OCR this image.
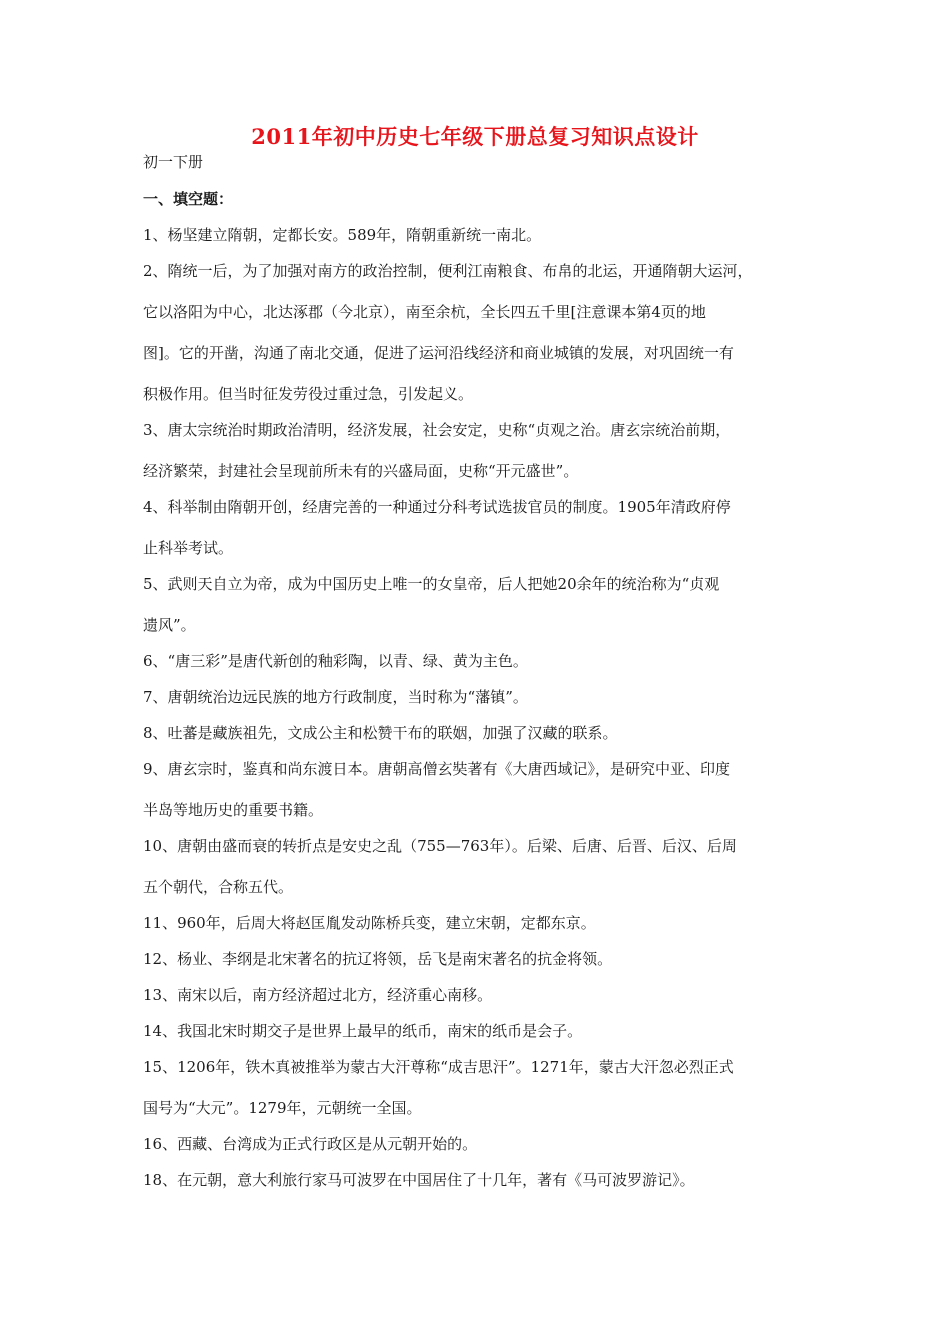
2011年初中历史七年级下册总复习知识点设计
初一下册
一、填空题：
1、杨坚建立隋朝，定都长安。589年，隋朝重新统一南北。
2、隋统一后，为了加强对南方的政治控制，便利江南粮食、布帛的北运，开通隋朝大运河，
它以洛阳为中心，北达涿郡（今北京），南至余杭，全长四五千里[注意课本第4页的地
图]。它的开凿，沟通了南北交通，促进了运河沿线经济和商业城镇的发展，对巩固统一有
积极作用。但当时征发劳役过重过急，引发起义。
3、唐太宗统治时期政治清明，经济发展，社会安定，史称“贞观之治。唐玄宗统治前期，
经济繁荣，封建社会呈现前所未有的兴盛局面，史称“开元盛世”。
4、科举制由隋朝开创，经唐完善的一种通过分科考试选拔官员的制度。1905年清政府停
止科举考试。
5、武则天自立为帝，成为中国历史上唯一的女皇帝，后人把她20余年的统治称为“贞观
遗风”。
6、“唐三彩”是唐代新创的釉彩陶，以青、绿、黄为主色。
7、唐朝统治边远民族的地方行政制度，当时称为“藩镇”。
8、吐蕃是藏族祖先，文成公主和松赞干布的联姻，加强了汉藏的联系。
9、唐玄宗时，鉴真和尚东渡日本。唐朝高僧玄奘著有《大唐西域记》，是研究中亚、印度
半岛等地历史的重要书籍。
10、唐朝由盛而衰的转折点是安史之乱（755—763年）。后梁、后唐、后晋、后汉、后周
五个朝代，合称五代。
11、960年，后周大将赵匡胤发动陈桥兵变，建立宋朝，定都东京。
12、杨业、李纲是北宋著名的抗辽将领，岳飞是南宋著名的抗金将领。
13、南宋以后，南方经济超过北方，经济重心南移。
14、我国北宋时期交子是世界上最早的纸币，南宋的纸币是会子。
15、1206年，铁木真被推举为蒙古大汗尊称“成吉思汗”。1271年，蒙古大汗忽必烈正式
国号为“大元”。1279年，元朝统一全国。
16、西藏、台湾成为正式行政区是从元朝开始的。
18、在元朝，意大利旅行家马可波罗在中国居住了十几年，著有《马可波罗游记》。
